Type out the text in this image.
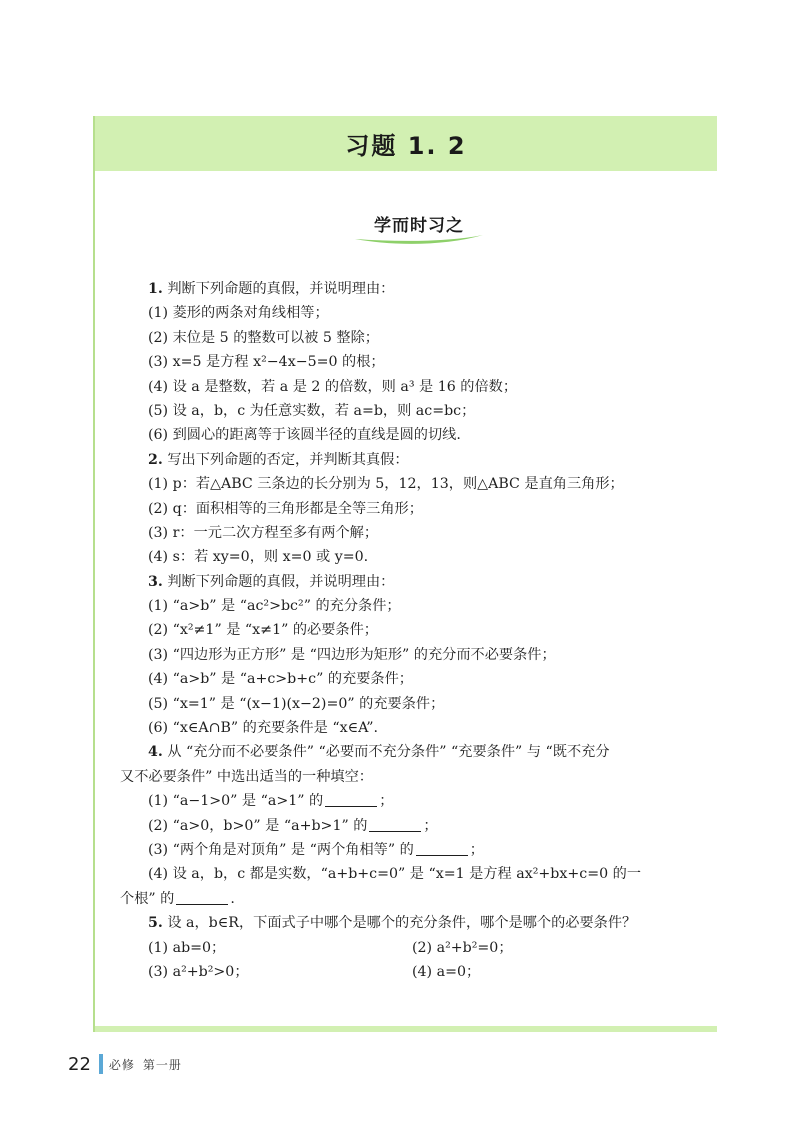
习题 1. 2
学而时习之
1. 判断下列命题的真假，并说明理由：
(1) 菱形的两条对角线相等；
(2) 末位是 5 的整数可以被 5 整除；
(3) x=5 是方程 x²−4x−5=0 的根；
(4) 设 a 是整数，若 a 是 2 的倍数，则 a³ 是 16 的倍数；
(5) 设 a，b，c 为任意实数，若 a=b，则 ac=bc；
(6) 到圆心的距离等于该圆半径的直线是圆的切线.
2. 写出下列命题的否定，并判断其真假：
(1) p：若△ABC 三条边的长分别为 5，12，13，则△ABC 是直角三角形；
(2) q：面积相等的三角形都是全等三角形；
(3) r：一元二次方程至多有两个解；
(4) s：若 xy=0，则 x=0 或 y=0.
3. 判断下列命题的真假，并说明理由：
(1) “a>b” 是 “ac²>bc²” 的充分条件；
(2) “x²≠1” 是 “x≠1” 的必要条件；
(3) “四边形为正方形” 是 “四边形为矩形” 的充分而不必要条件；
(4) “a>b” 是 “a+c>b+c” 的充要条件；
(5) “x=1” 是 “(x−1)(x−2)=0” 的充要条件；
(6) “x∈A∩B” 的充要条件是 “x∈A”.
4. 从 “充分而不必要条件” “必要而不充分条件” “充要条件” 与 “既不充分
又不必要条件” 中选出适当的一种填空：
(1) “a−1>0” 是 “a>1” 的	；
(2) “a>0，b>0” 是 “a+b>1” 的	；
(3) “两个角是对顶角” 是 “两个角相等” 的	；
(4) 设 a，b，c 都是实数，“a+b+c=0” 是 “x=1 是方程 ax²+bx+c=0 的一
个根” 的	.
5. 设 a，b∈R，下面式子中哪个是哪个的充分条件，哪个是哪个的必要条件？
(1) ab=0；	(2) a²+b²=0；
(3) a²+b²>0；	(4) a=0；
22 必修 第一册
